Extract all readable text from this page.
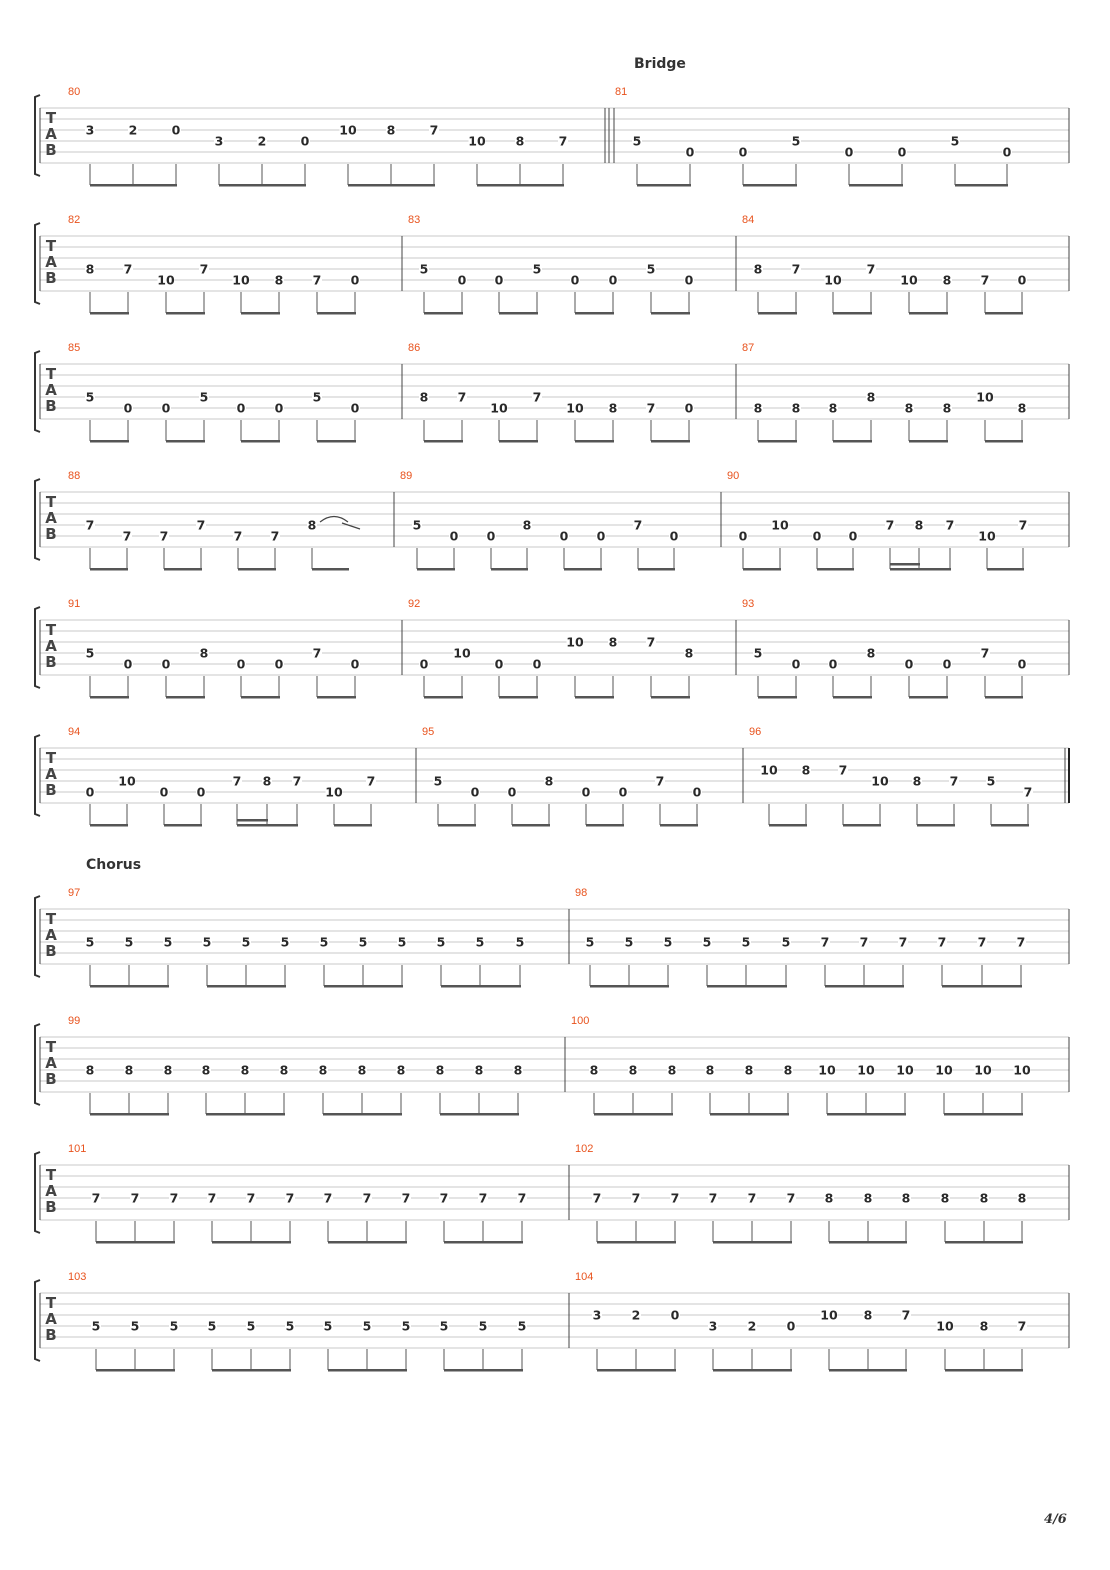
Bridge
Chorus
T
A
B
80
3	2	0
3	2	0
10 8	7
10 8	7
81
5
0	0
5
0	0
5
0
T
A
B
82
8 7
10
7
10 8 7 0
83
5
0 0
5
0 0
5
0
84
8 7
10
7
10 8 7 0
T
A
B
85
5
0 0
5
0 0
5
0
86
8 7
10
7
10 8 7 0
87
8 8 8
8
8 8
10
8
T
A
B
88
7
7 7
7
7 7
8
89
5
0 0
8
0 0
7
0
90
0
10
0 0
7 8 7
10
7
T
A
B
91
5
0 0
8
0 0
7
0
92
0
10
0 0
10 8 7
8
93
5
0 0
8
0 0
7
0
T
A
B
94
0
10
0 0
7 8 7
10
7
95
5
0 0
8
0 0
7
0
96
10 8 7
10 8 7 5
7
T
A
B
97
5 5 5 5 5 5 5 5 5 5 5	5
98
5 5 5 5 5	5 7 7 7 7	7 7
T
A
B
99
8 8 8 8 8 8 8 8 8 8 8 8
100
8 8 8 8 8 8 10 10 10 10 10 10
T
A
B
101
7 7 7 7 7 7 7 7 7 7 7 7
102
7 7 7 7 7 7 8 8 8 8 8 8
T
A
B
103
5 5 5 5 5 5 5 5 5 5 5 5
104
3 2 0
3 2 0
10 8 7
10 8 7
4/6
